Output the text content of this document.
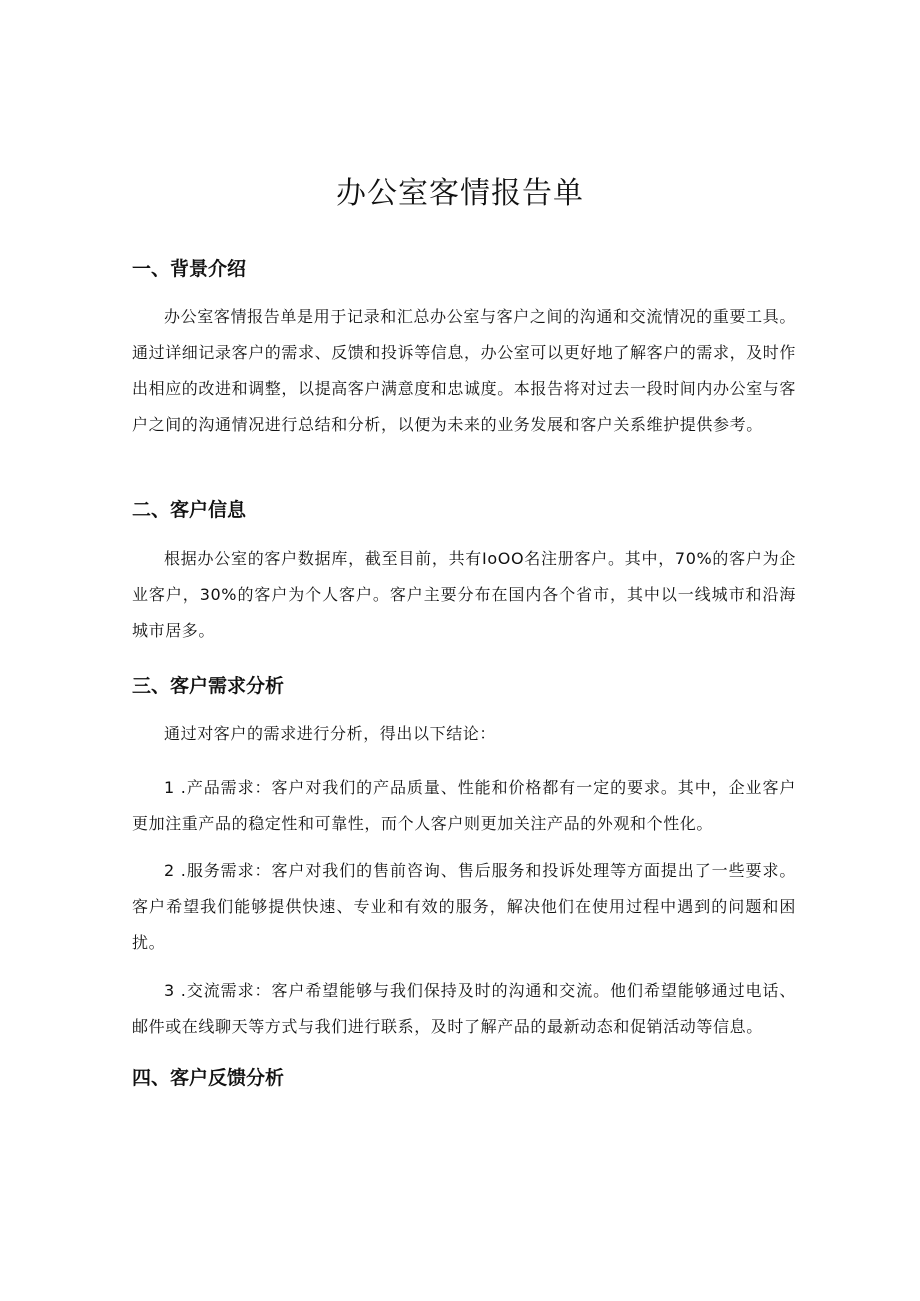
办公室客情报告单
一、背景介绍

办公室客情报告单是用于记录和汇总办公室与客户之间的沟通和交流情况的重要工具。通过详细记录客户的需求、反馈和投诉等信息，办公室可以更好地了解客户的需求，及时作出相应的改进和调整，以提高客户满意度和忠诚度。本报告将对过去一段时间内办公室与客户之间的沟通情况进行总结和分析，以便为未来的业务发展和客户关系维护提供参考。

二、客户信息

根据办公室的客户数据库，截至目前，共有IoOO名注册客户。其中，70%的客户为企业客户，30%的客户为个人客户。客户主要分布在国内各个省市，其中以一线城市和沿海城市居多。

三、客户需求分析

通过对客户的需求进行分析，得出以下结论：

1 .产品需求：客户对我们的产品质量、性能和价格都有一定的要求。其中，企业客户更加注重产品的稳定性和可靠性，而个人客户则更加关注产品的外观和个性化。

2 .服务需求：客户对我们的售前咨询、售后服务和投诉处理等方面提出了一些要求。客户希望我们能够提供快速、专业和有效的服务，解决他们在使用过程中遇到的问题和困扰。

3 .交流需求：客户希望能够与我们保持及时的沟通和交流。他们希望能够通过电话、邮件或在线聊天等方式与我们进行联系，及时了解产品的最新动态和促销活动等信息。

四、客户反馈分析
